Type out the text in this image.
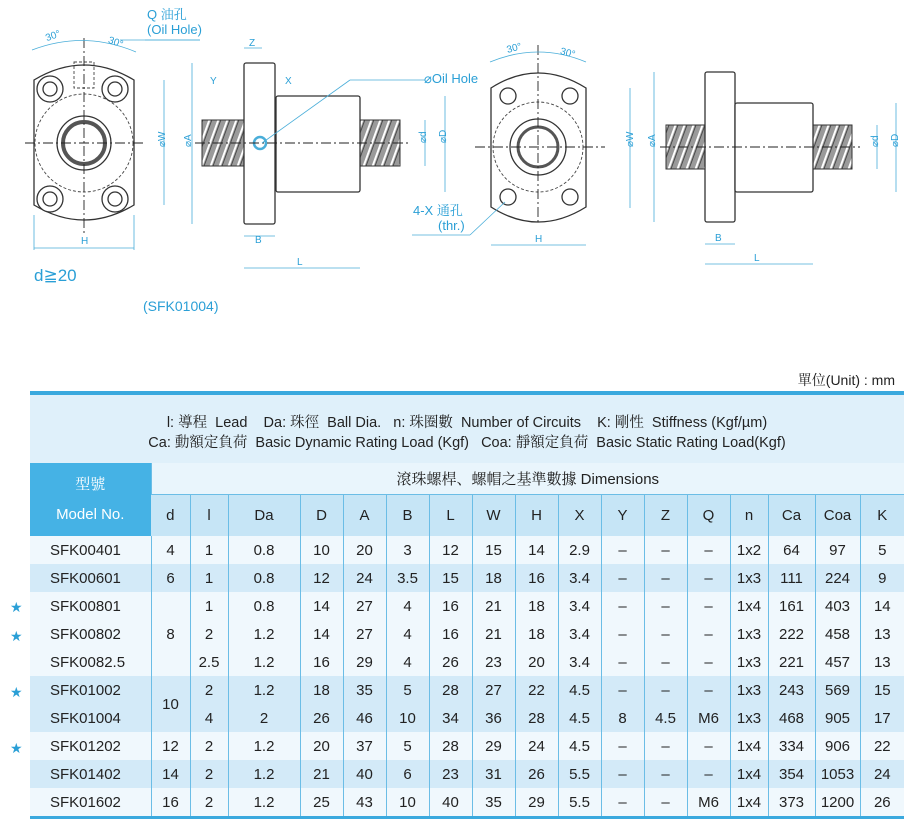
Q 油孔
(Oil Hole)
30°	30°	Z
Y	X	⌀Oil Hole
⌀W ⌀A	⌀d ⌀D
H	B
L
d≧20
(SFK01004)
30°	30°
⌀W ⌀A	⌀d ⌀D
H	B
L
4-X 通孔
(thr.)
單位(Unit) : mm
l: 導程  Lead    Da: 珠徑  Ball Dia.   n: 珠圈數  Number of Circuits    K: 剛性  Stiffness (Kgf/µm)
Ca: 動額定負荷  Basic Dynamic Rating Load (Kgf)   Coa: 靜額定負荷  Basic Static Rating Load(Kgf)
型號
Model No.	滾珠螺桿、螺帽之基準數據 Dimensions																
	d	l	Da	D	A	B	L	W	H	X	Y	Z	Q	n	Ca	Coa	K
SFK00401	4	1	0.8	10	20	3	12	15	14	2.9	–	–	–	1x2	64	97	5
SFK00601	6	1	0.8	12	24	3.5	15	18	16	3.4	–	–	–	1x3	111	224	9
SFK00801	8	1	0.8	14	27	4	16	21	18	3.4	–	–	–	1x4	161	403	14
SFK00802		2	1.2	14	27	4	16	21	18	3.4	–	–	–	1x3	222	458	13
SFK0082.5		2.5	1.2	16	29	4	26	23	20	3.4	–	–	–	1x3	221	457	13
SFK01002	10	2	1.2	18	35	5	28	27	22	4.5	–	–	–	1x3	243	569	15
SFK01004		4	2	26	46	10	34	36	28	4.5	8	4.5	M6	1x3	468	905	17
SFK01202	12	2	1.2	20	37	5	28	29	24	4.5	–	–	–	1x4	334	906	22
SFK01402	14	2	1.2	21	40	6	23	31	26	5.5	–	–	–	1x4	354	1053	24
SFK01602	16	2	1.2	25	43	10	40	35	29	5.5	–	–	M6	1x4	373	1200	26
★
★
★
★
